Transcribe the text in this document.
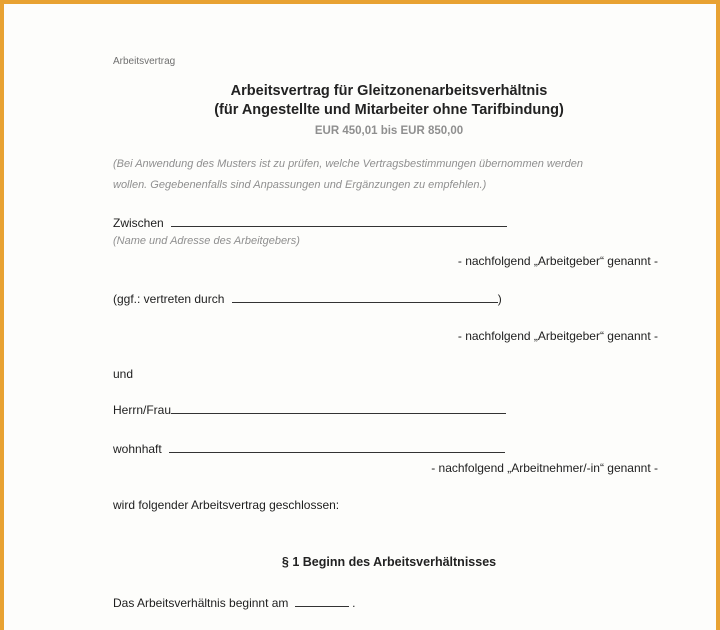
Arbeitsvertrag
Arbeitsvertrag für Gleitzonenarbeitsverhältnis
(für Angestellte und Mitarbeiter ohne Tarifbindung)
EUR 450,01 bis EUR 850,00
(Bei Anwendung des Musters ist zu prüfen, welche Vertragsbestimmungen übernommen werden
wollen. Gegebenenfalls sind Anpassungen und Ergänzungen zu empfehlen.)
Zwischen
(Name und Adresse des Arbeitgebers)
- nachfolgend „Arbeitgeber“ genannt -
(ggf.: vertreten durch	)
- nachfolgend „Arbeitgeber“ genannt -
und
Herrn/Frau
wohnhaft
- nachfolgend „Arbeitnehmer/-in“ genannt -
wird folgender Arbeitsvertrag geschlossen:
§ 1 Beginn des Arbeitsverhältnisses
Das Arbeitsverhältnis beginnt am	.
